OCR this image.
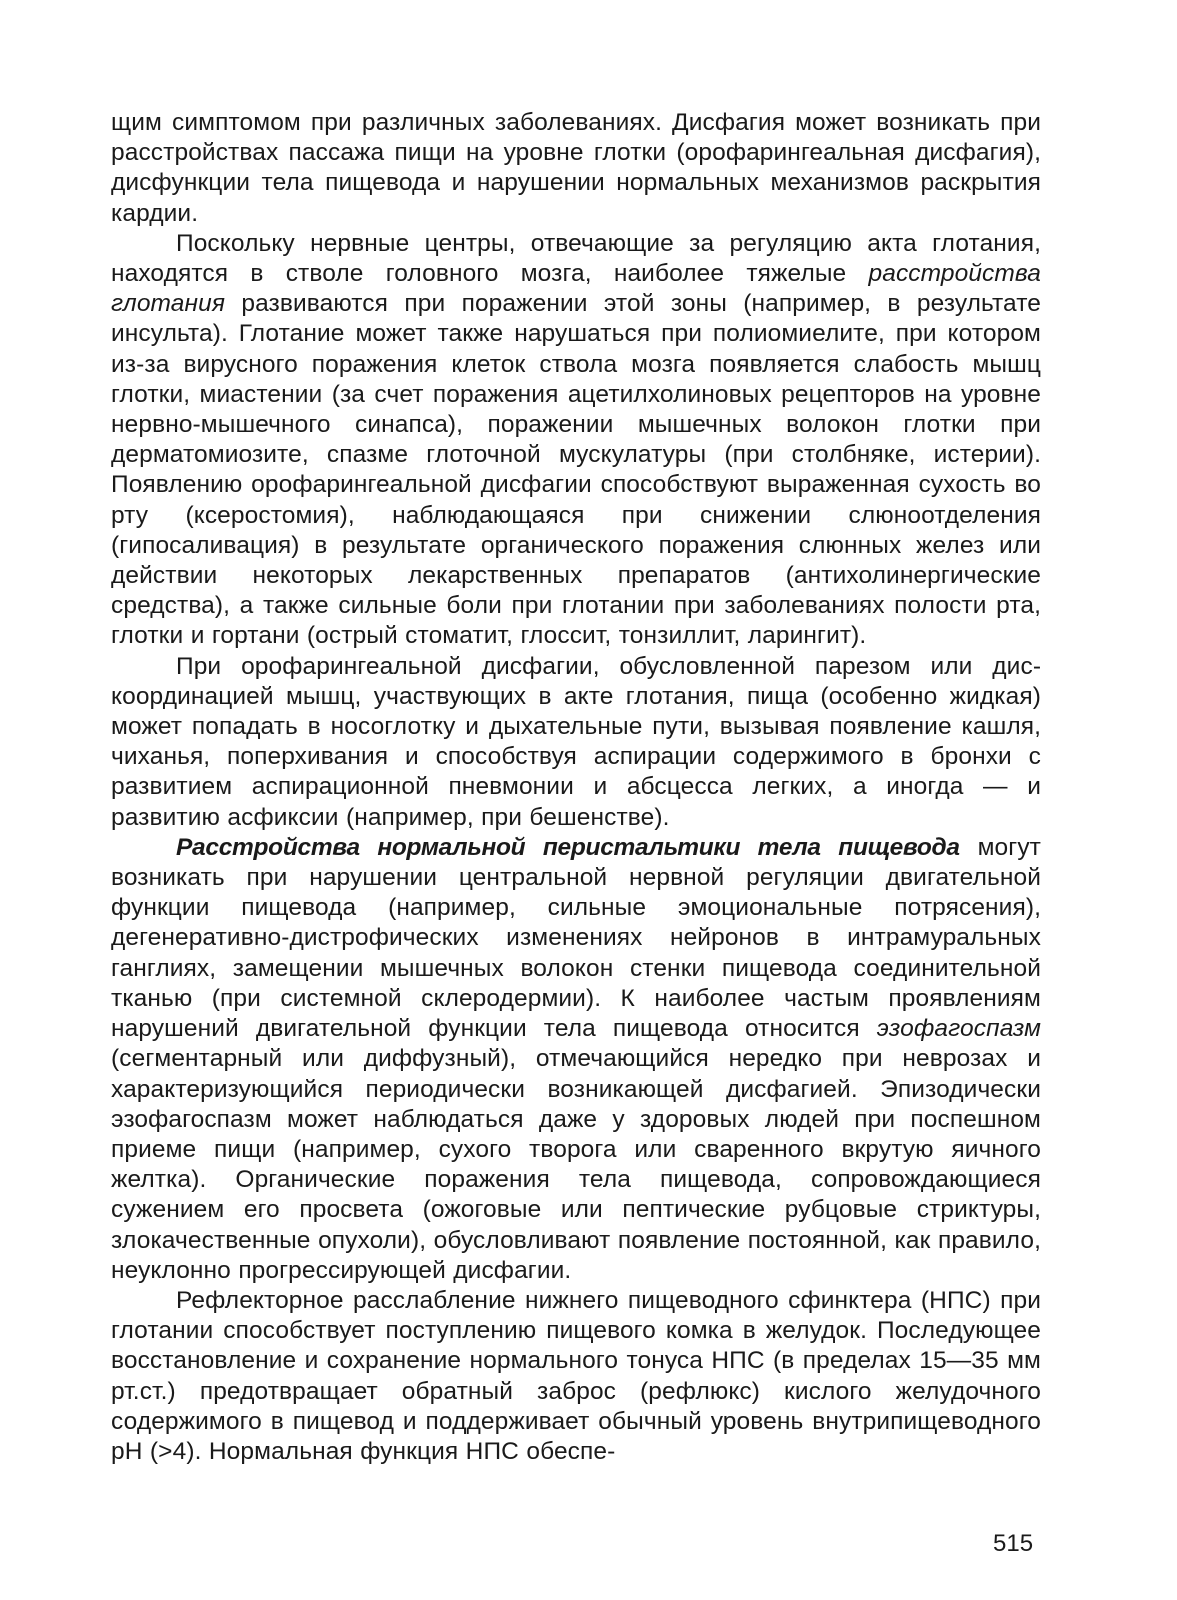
щим симптомом при различных заболеваниях. Дисфагия может возникать при расстройствах пассажа пищи на уровне глотки (орофарингеальная дисфагия), дисфункции тела пищевода и нарушении нормальных механизмов раскрытия кардии.

Поскольку нервные центры, отвечающие за регуляцию акта глотания, находятся в стволе головного мозга, наиболее тяжелые расстройства глотания развиваются при поражении этой зоны (например, в результате инсульта). Глотание может также нарушаться при полиомиелите, при котором из-за вирусного поражения клеток ствола мозга появляется слабость мышц глотки, миастении (за счет поражения ацетилхолиновых рецепторов на уровне нервно-мышечного синапса), поражении мышечных волокон глотки при дерматомиозите, спазме глоточной мускулатуры (при столбняке, истерии). Появлению орофарингеальной дисфагии способствуют выраженная сухость во рту (ксеростомия), наблюдающаяся при снижении слюноотделения (гипосаливация) в результате органического поражения слюнных желез или действии некоторых лекарственных препаратов (антихолинергические средства), а также сильные боли при глотании при заболеваниях полости рта, глотки и гортани (острый стоматит, глоссит, тонзиллит, ларингит).

При орофарингеальной дисфагии, обусловленной парезом или дискоординацией мышц, участвующих в акте глотания, пища (особенно жидкая) может попадать в носоглотку и дыхательные пути, вызывая появление кашля, чиханья, поперхивания и способствуя аспирации содержимого в бронхи с развитием аспирационной пневмонии и абсцесса легких, а иногда — и развитию асфиксии (например, при бешенстве).

Расстройства нормальной перистальтики тела пищевода могут возникать при нарушении центральной нервной регуляции двигательной функции пищевода (например, сильные эмоциональные потрясения), дегенеративно-дистрофических изменениях нейронов в интрамуральных ганглиях, замещении мышечных волокон стенки пищевода соединительной тканью (при системной склеродермии). К наиболее частым проявлениям нарушений двигательной функции тела пищевода относится эзофагоспазм (сегментарный или диффузный), отмечающийся нередко при неврозах и характеризующийся периодически возникающей дисфагией. Эпизодически эзофагоспазм может наблюдаться даже у здоровых людей при поспешном приеме пищи (например, сухого творога или сваренного вкрутую яичного желтка). Органические поражения тела пищевода, сопровождающиеся сужением его просвета (ожоговые или пептические рубцовые стриктуры, злокачественные опухоли), обусловливают появление постоянной, как правило, неуклонно прогрессирующей дисфагии.

Рефлекторное расслабление нижнего пищеводного сфинктера (НПС) при глотании способствует поступлению пищевого комка в желудок. Последующее восстановление и сохранение нормального тонуса НПС (в пределах 15—35 мм рт.ст.) предотвращает обратный заброс (рефлюкс) кислого желудочного содержимого в пищевод и поддерживает обычный уровень внутрипищеводного рН (>4). Нормальная функция НПС обеспе-

515
